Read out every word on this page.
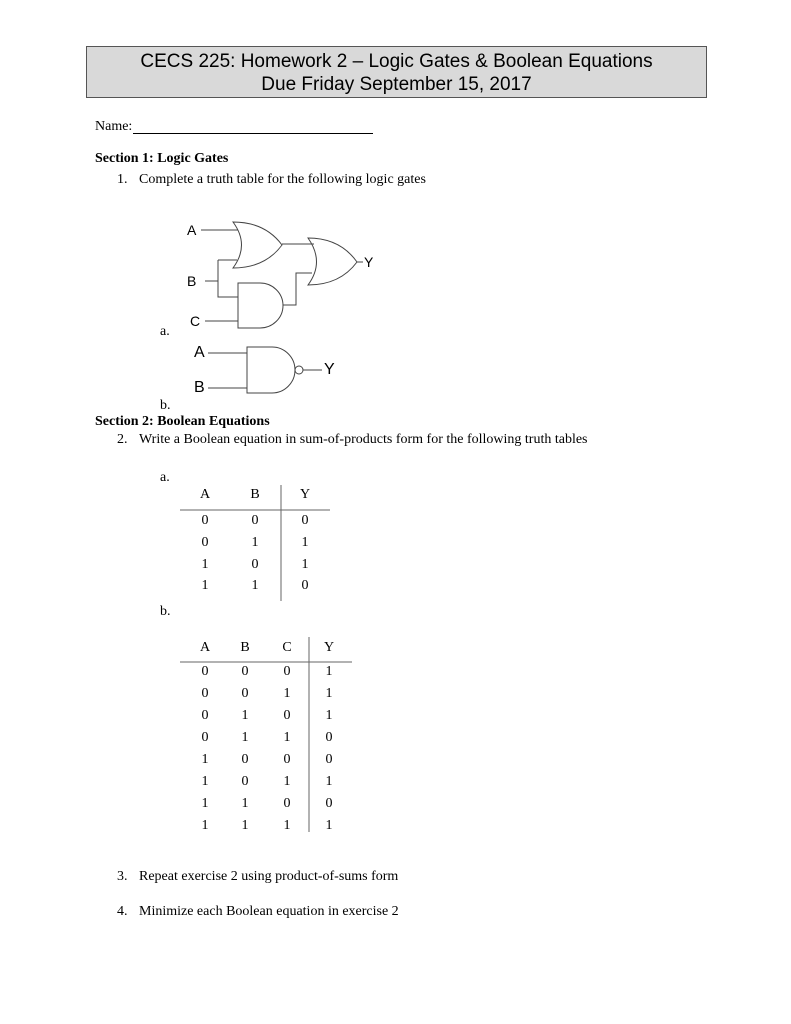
CECS 225: Homework 2 – Logic Gates & Boolean Equations
Due Friday September 15, 2017
Name:
Section 1: Logic Gates
1. Complete a truth table for the following logic gates
A
B
C
Y
a.
A
B
Y
b.
Section 2: Boolean Equations
2. Write a Boolean equation in sum-of-products form for the following truth tables
a.
A	B	Y
0	0	0
0	1	1
1	0	1
1	1	0
b.
A	B	C	Y
0	0	0	1
0	0	1	1
0	1	0	1
0	1	1	0
1	0	0	0
1	0	1	1
1	1	0	0
1	1	1	1
3. Repeat exercise 2 using product-of-sums form
4. Minimize each Boolean equation in exercise 2
